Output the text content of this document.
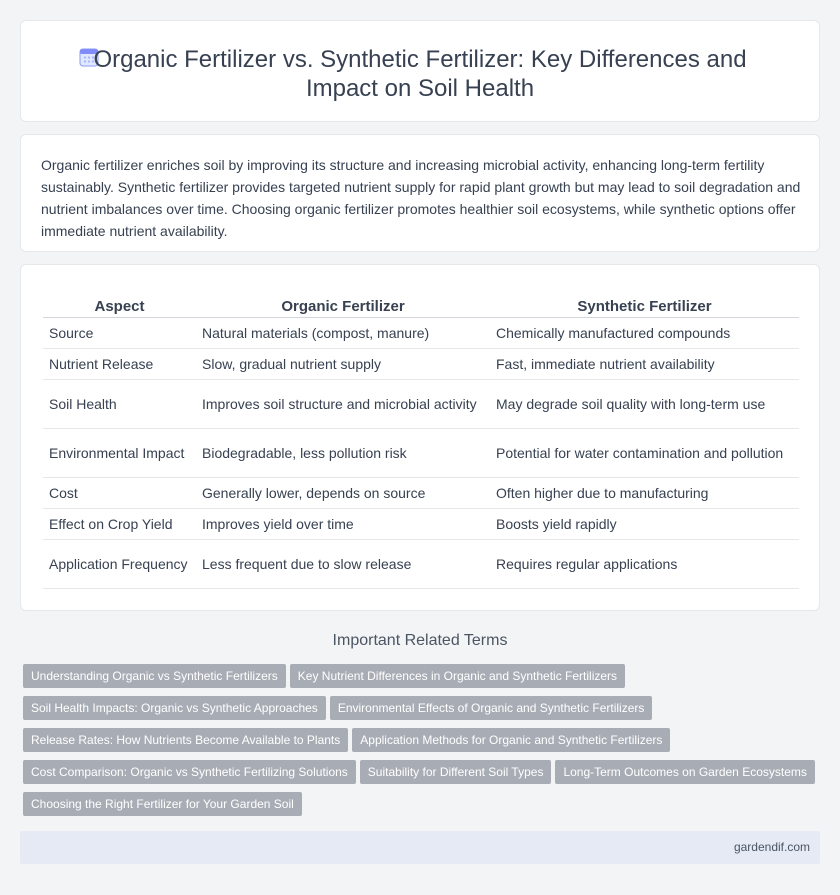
Organic Fertilizer vs. Synthetic Fertilizer: Key Differences and Impact on Soil Health

Organic fertilizer enriches soil by improving its structure and increasing microbial activity, enhancing long-term fertility sustainably. Synthetic fertilizer provides targeted nutrient supply for rapid plant growth but may lead to soil degradation and nutrient imbalances over time. Choosing organic fertilizer promotes healthier soil ecosystems, while synthetic options offer immediate nutrient availability.

Aspect	Organic Fertilizer	Synthetic Fertilizer
Source	Natural materials (compost, manure)	Chemically manufactured compounds
Nutrient Release	Slow, gradual nutrient supply	Fast, immediate nutrient availability
Soil Health	Improves soil structure and microbial activity	May degrade soil quality with long-term use
Environmental Impact	Biodegradable, less pollution risk	Potential for water contamination and pollution
Cost	Generally lower, depends on source	Often higher due to manufacturing
Effect on Crop Yield	Improves yield over time	Boosts yield rapidly
Application Frequency	Less frequent due to slow release	Requires regular applications
Important Related Terms
Understanding Organic vs Synthetic Fertilizers Key Nutrient Differences in Organic and Synthetic Fertilizers
Soil Health Impacts: Organic vs Synthetic Approaches Environmental Effects of Organic and Synthetic Fertilizers
Release Rates: How Nutrients Become Available to Plants Application Methods for Organic and Synthetic Fertilizers
Cost Comparison: Organic vs Synthetic Fertilizing Solutions Suitability for Different Soil Types Long-Term Outcomes on Garden Ecosystems
Choosing the Right Fertilizer for Your Garden Soil
gardendif.com
